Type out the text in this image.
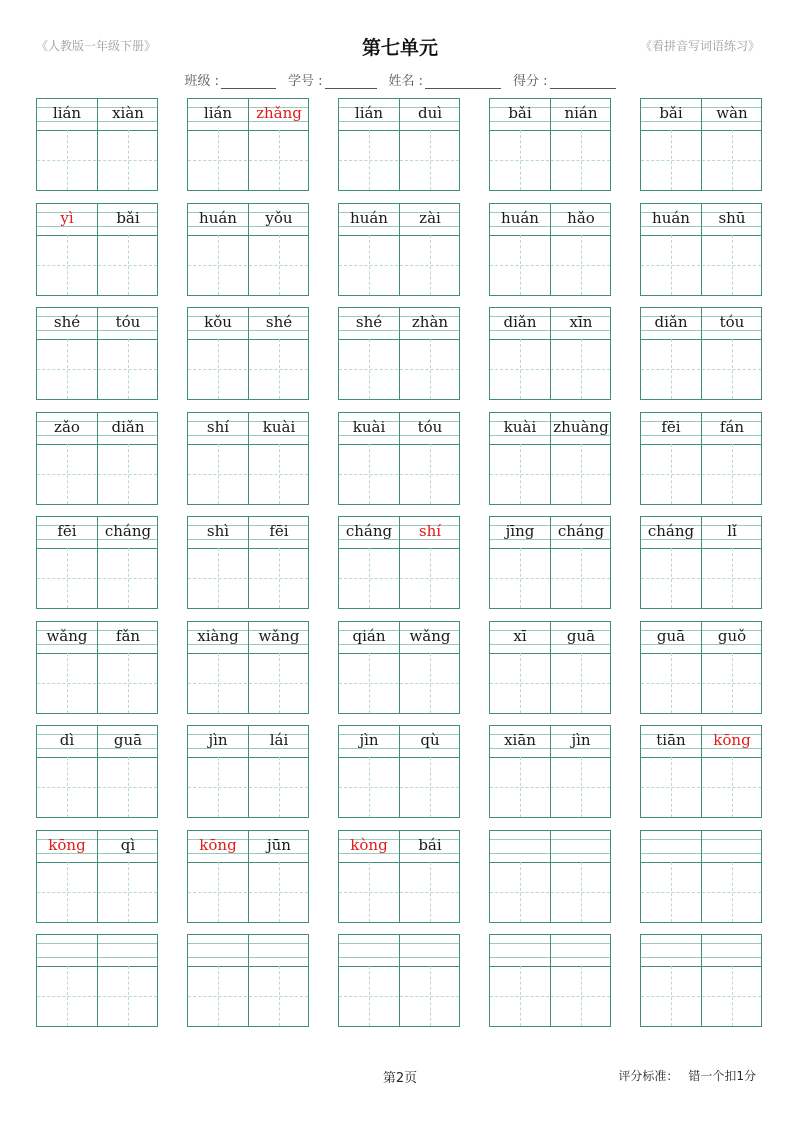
《人教版一年级下册》	第七单元	《看拼音写词语练习》
班级 :	学号 :	姓名 :	得分 :
lián	xiàn	lián	zhǎng	lián	duì	bǎi	nián	bǎi	wàn
yì	bǎi	huán	yǒu	huán	zài	huán	hǎo	huán	shū
shé	tóu	kǒu	shé	shé	zhàn	diǎn	xīn	diǎn	tóu
zǎo	diǎn	shí	kuài	kuài	tóu	kuài	zhuàng	fēi	fán
fēi	cháng	shì	fēi	cháng	shí	jīng	cháng	cháng	lǐ
wǎng	fǎn	xiàng	wǎng	qián	wǎng	xī	guā	guā	guǒ
dì	guā	jìn	lái	jìn	qù	xiān	jìn	tiān	kōng
kōng	qì	kōng	jūn	kòng	bái
第2页	评分标准： 错一个扣1分
